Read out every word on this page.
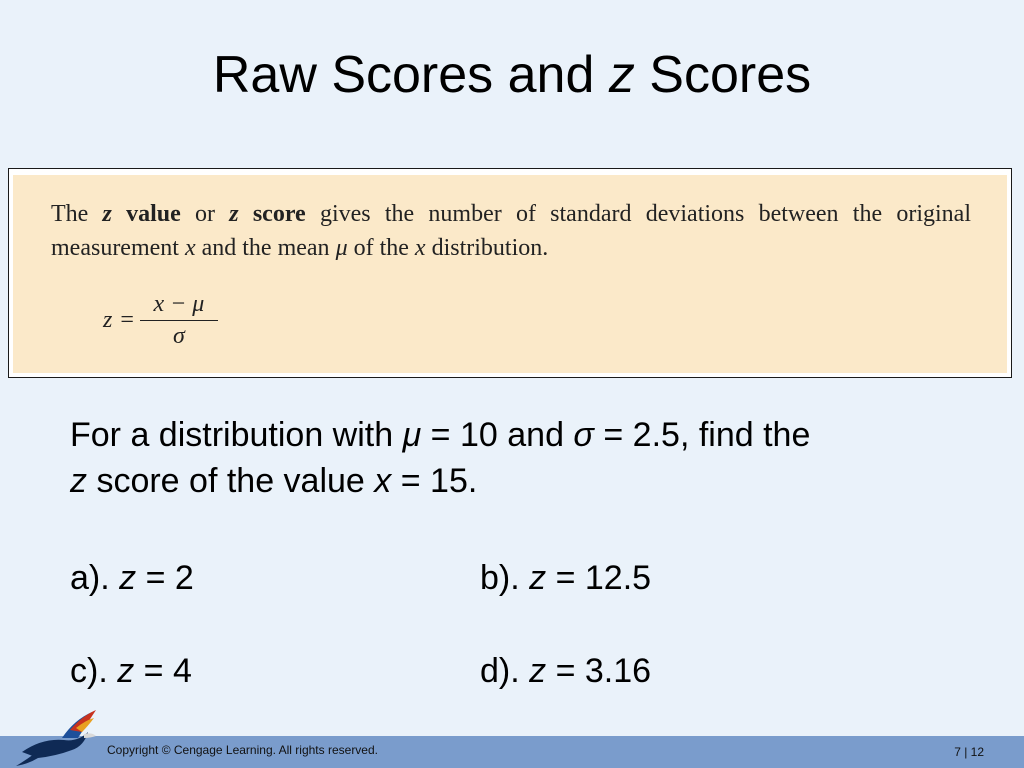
Raw Scores and z Scores
The z value or z score gives the number of standard deviations between the original measurement x and the mean μ of the x distribution.
$z = \frac{x - \mu}{\sigma}$
For a distribution with μ = 10 and σ = 2.5, find the
z score of the value x = 15.
a). z = 2	b). z = 12.5
c). z = 4	d). z = 3.16
Copyright © Cengage Learning. All rights reserved.	7 | 12
